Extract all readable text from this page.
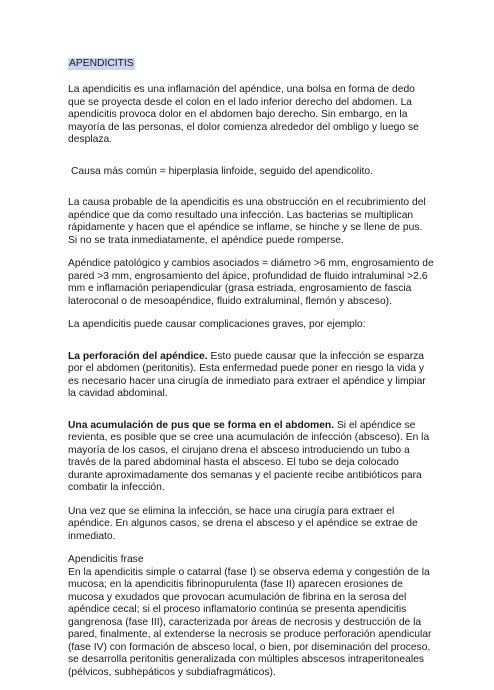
APENDICITIS

La apendicitis es una inflamación del apéndice, una bolsa en forma de dedo que se proyecta desde el colon en el lado inferior derecho del abdomen. La apendicitis provoca dolor en el abdomen bajo derecho. Sin embargo, en la mayoría de las personas, el dolor comienza alrededor del ombligo y luego se desplaza.

Causa más común = hiperplasia linfoide, seguido del apendicolito.

La causa probable de la apendicitis es una obstrucción en el recubrimiento del apéndice que da como resultado una infección. Las bacterias se multiplican rápidamente y hacen que el apéndice se inflame, se hinche y se llene de pus. Si no se trata inmediatamente, el apéndice puede romperse.

Apéndice patológico y cambios asociados = diámetro >6 mm, engrosamiento de pared >3 mm, engrosamiento del ápice, profundidad de fluido intraluminal >2.6 mm e inflamación periapendicular (grasa estriada, engrosamiento de fascia lateroconal o de mesoapéndice, fluido extraluminal, flemón y absceso).

La apendicitis puede causar complicaciones graves, por ejemplo:

La perforación del apéndice. Esto puede causar que la infección se esparza por el abdomen (peritonitis). Esta enfermedad puede poner en riesgo la vida y es necesario hacer una cirugía de inmediato para extraer el apéndice y limpiar la cavidad abdominal.

Una acumulación de pus que se forma en el abdomen. Si el apéndice se revienta, es posible que se cree una acumulación de infección (absceso). En la mayoría de los casos, el cirujano drena el absceso introduciendo un tubo a través de la pared abdominal hasta el absceso. El tubo se deja colocado durante aproximadamente dos semanas y el paciente recibe antibióticos para combatir la infección.

Una vez que se elimina la infección, se hace una cirugía para extraer el apéndice. En algunos casos, se drena el absceso y el apéndice se extrae de inmediato.

Apendicitis frase

En la apendicitis simple o catarral (fase I) se observa edema y congestión de la mucosa; en la apendicitis fibrinopurulenta (fase II) aparecen erosiones de mucosa y exudados que provocan acumulación de fibrina en la serosa del apéndice cecal; si el proceso inflamatorio continúa se presenta apendicitis gangrenosa (fase III), caracterizada por áreas de necrosis y destrucción de la pared, finalmente, al extenderse la necrosis se produce perforación apendicular (fase IV) con formación de absceso local, o bien, por diseminación del proceso, se desarrolla peritonitis generalizada con múltiples abscesos intraperitoneales (pélvicos, subhepáticos y subdiafragmáticos).
